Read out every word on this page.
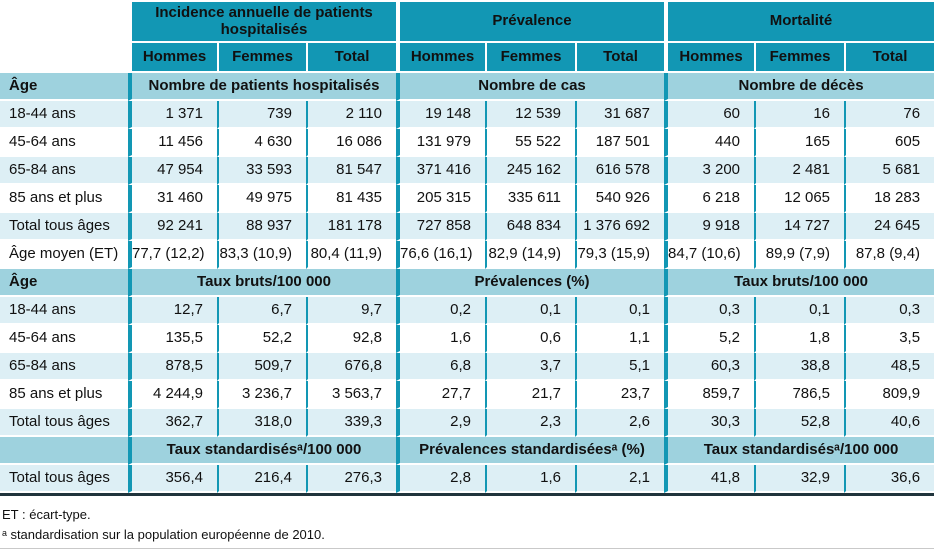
	Incidence annuelle de patients hospitalisés			Prévalence			Mortalité		
	Hommes	Femmes	Total	Hommes	Femmes	Total	Hommes	Femmes	Total
Âge	Nombre de patients hospitalisés			Nombre de cas			Nombre de décès		
18-44 ans	1 371	739	2 110	19 148	12 539	31 687	60	16	76
45-64 ans	11 456	4 630	16 086	131 979	55 522	187 501	440	165	605
65-84 ans	47 954	33 593	81 547	371 416	245 162	616 578	3 200	2 481	5 681
85 ans et plus	31 460	49 975	81 435	205 315	335 611	540 926	6 218	12 065	18 283
Total tous âges	92 241	88 937	181 178	727 858	648 834	1 376 692	9 918	14 727	24 645
Âge moyen (ET)	77,7 (12,2)	83,3 (10,9)	80,4 (11,9)	76,6 (16,1)	82,9 (14,9)	79,3 (15,9)	84,7 (10,6)	89,9 (7,9)	87,8 (9,4)
Âge	Taux bruts/100 000			Prévalences (%)			Taux bruts/100 000		
18-44 ans	12,7	6,7	9,7	0,2	0,1	0,1	0,3	0,1	0,3
45-64 ans	135,5	52,2	92,8	1,6	0,6	1,1	5,2	1,8	3,5
65-84 ans	878,5	509,7	676,8	6,8	3,7	5,1	60,3	38,8	48,5
85 ans et plus	4 244,9	3 236,7	3 563,7	27,7	21,7	23,7	859,7	786,5	809,9
Total tous âges	362,7	318,0	339,3	2,9	2,3	2,6	30,3	52,8	40,6
	Taux standardisésᵃ/100 000			Prévalences standardiséesᵃ (%)			Taux standardisésᵃ/100 000		
Total tous âges	356,4	216,4	276,3	2,8	1,6	2,1	41,8	32,9	36,6
ET : écart-type.
ᵃ standardisation sur la population européenne de 2010.
